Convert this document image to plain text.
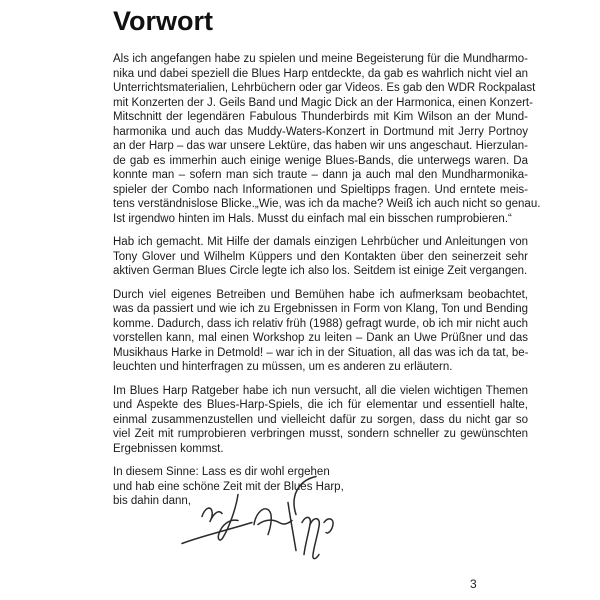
Vorwort
Als ich angefangen habe zu spielen und meine Begeisterung für die Mundharmo-
nika und dabei speziell die Blues Harp entdeckte, da gab es wahrlich nicht viel an
Unterrichtsmaterialien, Lehrbüchern oder gar Videos. Es gab den WDR Rockpalast
mit Konzerten der J. Geils Band und Magic Dick an der Harmonica, einen Konzert-
Mitschnitt der legendären Fabulous Thunderbirds mit Kim Wilson an der Mund-
harmonika und auch das Muddy-Waters-Konzert in Dortmund mit Jerry Portnoy
an der Harp – das war unsere Lektüre, das haben wir uns angeschaut. Hierzulan-
de gab es immerhin auch einige wenige Blues-Bands, die unterwegs waren. Da
konnte man – sofern man sich traute – dann ja auch mal den Mundharmonika-
spieler der Combo nach Informationen und Spieltipps fragen. Und erntete meis-
tens verständnislose Blicke.„Wie, was ich da mache? Weiß ich auch nicht so genau.
Ist irgendwo hinten im Hals. Musst du einfach mal ein bisschen rumprobieren.“
Hab ich gemacht. Mit Hilfe der damals einzigen Lehrbücher und Anleitungen von
Tony Glover und Wilhelm Küppers und den Kontakten über den seinerzeit sehr
aktiven German Blues Circle legte ich also los. Seitdem ist einige Zeit vergangen.
Durch viel eigenes Betreiben und Bemühen habe ich aufmerksam beobachtet,
was da passiert und wie ich zu Ergebnissen in Form von Klang, Ton und Bending
komme. Dadurch, dass ich relativ früh (1988) gefragt wurde, ob ich mir nicht auch
vorstellen kann, mal einen Workshop zu leiten – Dank an Uwe Prüßner und das
Musikhaus Harke in Detmold! – war ich in der Situation, all das was ich da tat, be-
leuchten und hinterfragen zu müssen, um es anderen zu erläutern.
Im Blues Harp Ratgeber habe ich nun versucht, all die vielen wichtigen Themen
und Aspekte des Blues-Harp-Spiels, die ich für elementar und essentiell halte,
einmal zusammenzustellen und vielleicht dafür zu sorgen, dass du nicht gar so
viel Zeit mit rumprobieren verbringen musst, sondern schneller zu gewünschten
Ergebnissen kommst.
In diesem Sinne: Lass es dir wohl ergehen
und hab eine schöne Zeit mit der Blues Harp,
bis dahin dann,
3
